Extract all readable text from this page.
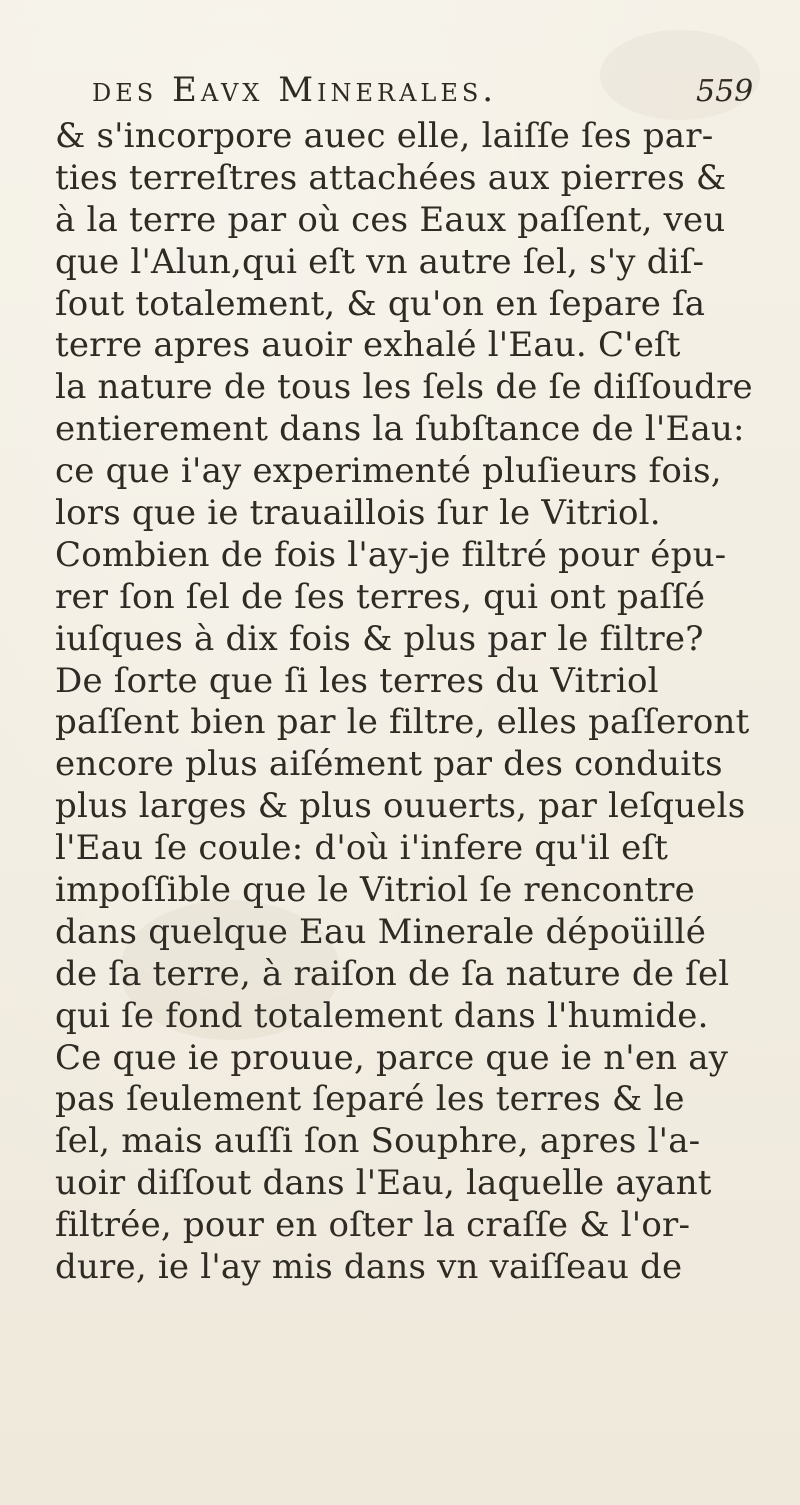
des Eavx Minerales.	559
& s'incorpore auec elle, laiſſe ſes par-
ties terreſtres attachées aux pierres &
à la terre par où ces Eaux paſſent, veu
que l'Alun,qui eſt vn autre ſel, s'y diſ-
ſout totalement, & qu'on en ſepare ſa
terre apres auoir exhalé l'Eau. C'eſt
la nature de tous les ſels de ſe diſſoudre
entierement dans la ſubſtance de l'Eau:
ce que i'ay experimenté pluſieurs fois,
lors que ie trauaillois ſur le Vitriol.
Combien de fois l'ay-je filtré pour épu-
rer ſon ſel de ſes terres, qui ont paſſé
iuſques à dix fois & plus par le filtre?
De ſorte que ſi les terres du Vitriol
paſſent bien par le filtre, elles paſſeront
encore plus aiſément par des conduits
plus larges & plus ouuerts, par leſquels
l'Eau ſe coule: d'où i'infere qu'il eſt
impoſſible que le Vitriol ſe rencontre
dans quelque Eau Minerale dépoüillé
de ſa terre, à raiſon de ſa nature de ſel
qui ſe fond totalement dans l'humide.
Ce que ie prouue, parce que ie n'en ay
pas ſeulement ſeparé les terres & le
ſel, mais auſſi ſon Souphre, apres l'a-
uoir diſſout dans l'Eau, laquelle ayant
filtrée, pour en oſter la craſſe & l'or-
dure, ie l'ay mis dans vn vaiſſeau de
